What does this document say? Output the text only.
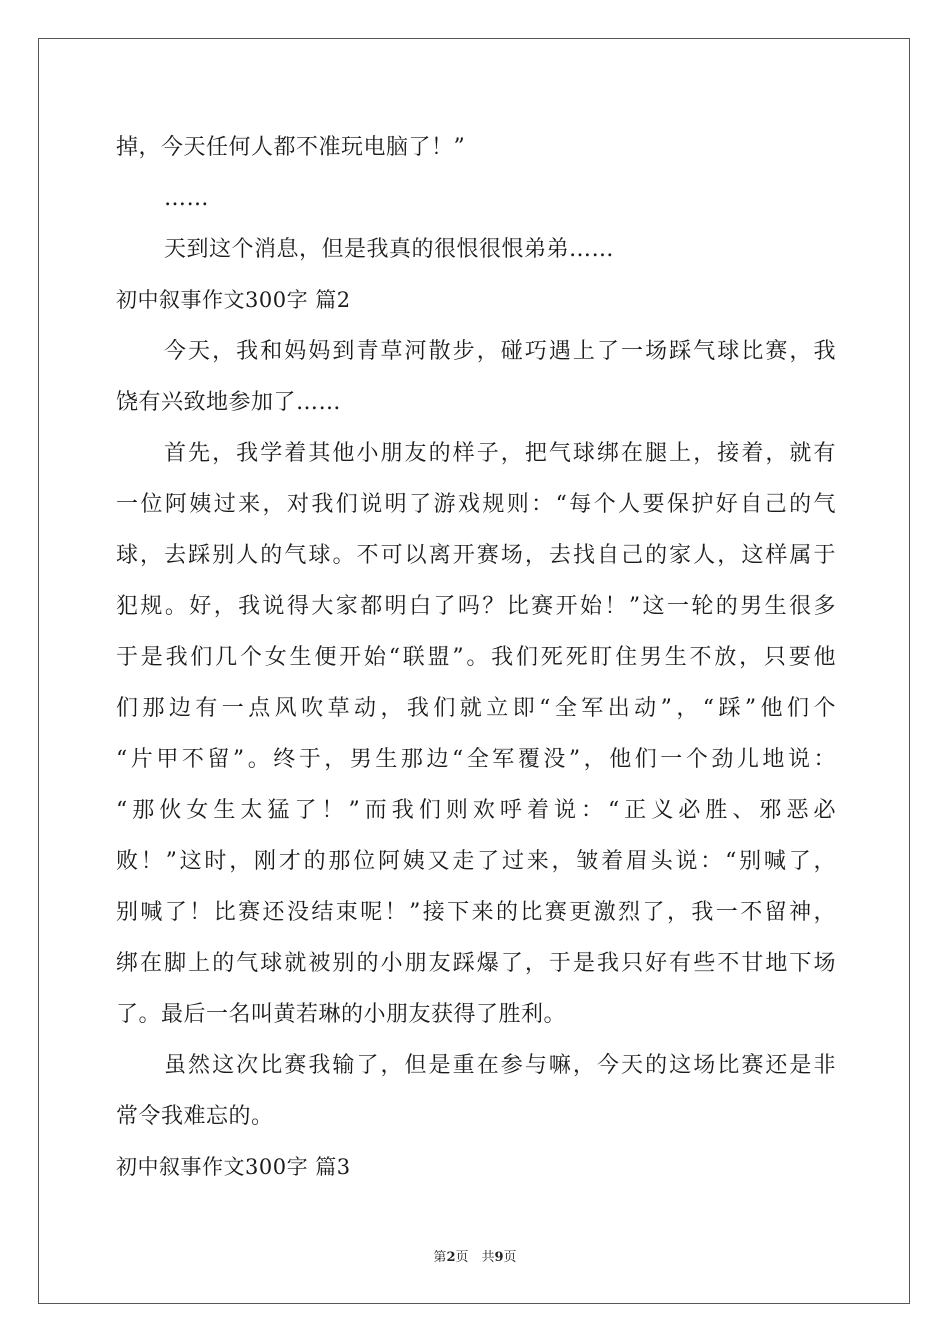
掉，今天任何人都不准玩电脑了！”
……
天到这个消息，但是我真的很恨很恨弟弟……
初中叙事作文300字 篇2
今天，我和妈妈到青草河散步，碰巧遇上了一场踩气球比赛，我
饶有兴致地参加了……
首先，我学着其他小朋友的样子，把气球绑在腿上，接着，就有
一位阿姨过来，对我们说明了游戏规则：“每个人要保护好自己的气
球，去踩别人的气球。不可以离开赛场，去找自己的家人，这样属于
犯规。好，我说得大家都明白了吗？比赛开始！”这一轮的男生很多
于是我们几个女生便开始“联盟”。我们死死盯住男生不放，只要他
们那边有一点风吹草动，我们就立即“全军出动”，“踩”他们个
“片甲不留”。终于，男生那边“全军覆没”，他们一个劲儿地说：
“那伙女生太猛了！”而我们则欢呼着说：“正义必胜、邪恶必
败！”这时，刚才的那位阿姨又走了过来，皱着眉头说：“别喊了，
别喊了！比赛还没结束呢！”接下来的比赛更激烈了，我一不留神，
绑在脚上的气球就被别的小朋友踩爆了，于是我只好有些不甘地下场
了。最后一名叫黄若琳的小朋友获得了胜利。
虽然这次比赛我输了，但是重在参与嘛，今天的这场比赛还是非
常令我难忘的。
初中叙事作文300字 篇3
第2页　共9页
